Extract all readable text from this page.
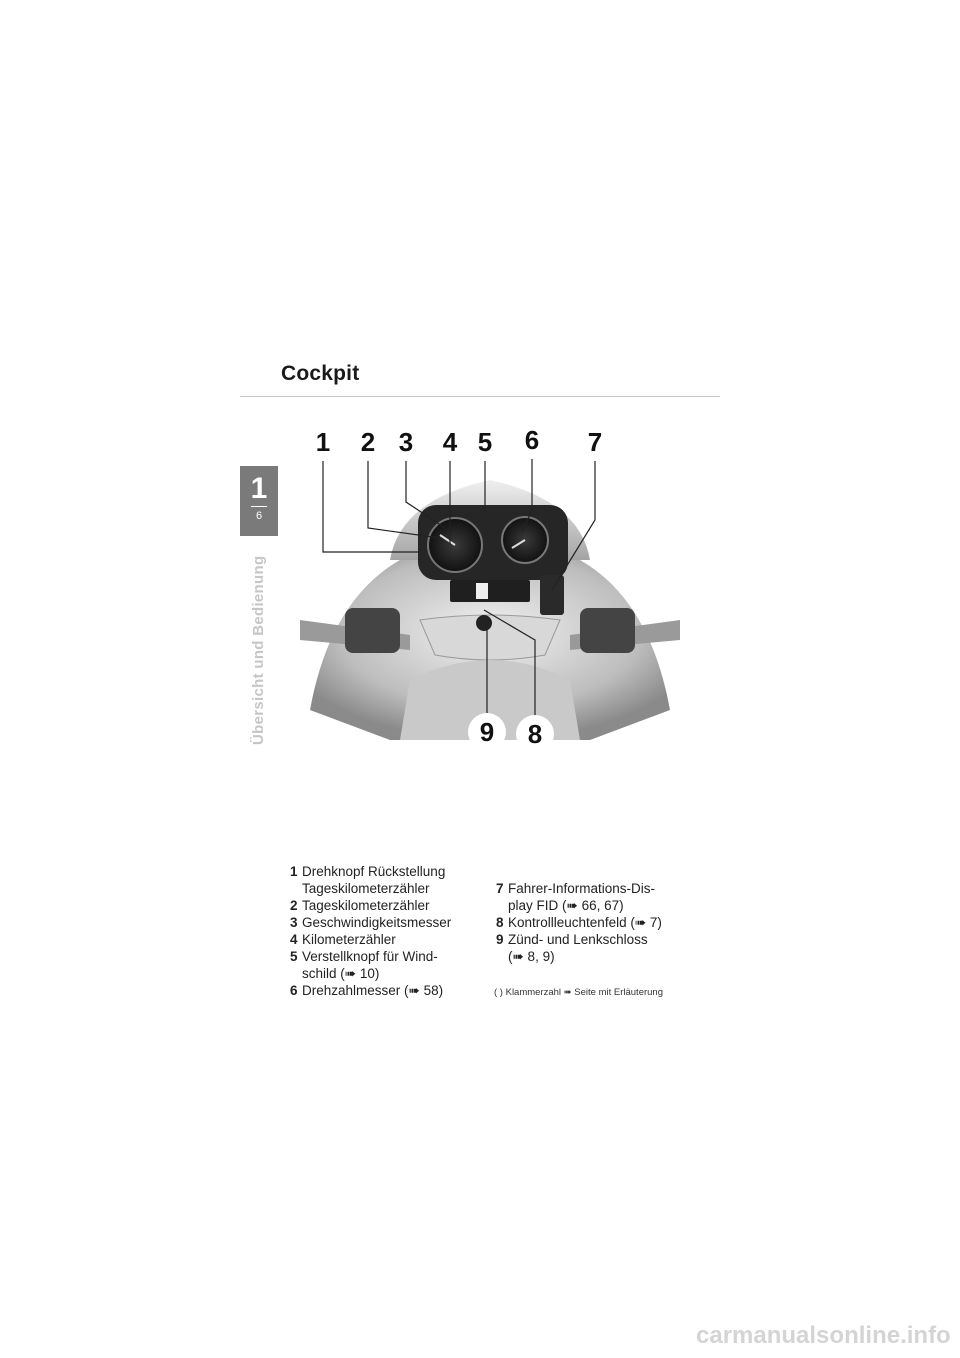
Cockpit
1
6
Übersicht und Bedienung
1	2 3	4 5	6	7
9	8
1 Drehknopf Rückstellung
Tageskilometerzähler
2 Tageskilometerzähler
3 Geschwindigkeitsmesser
4 Kilometerzähler
5 Verstellknopf für Wind-
schild (➠ 10)
6 Drehzahlmesser (➠ 58)
7 Fahrer-Informations-Dis-
play FID (➠ 66, 67)
8 Kontrollleuchtenfeld (➠ 7)
9 Zünd- und Lenkschloss
(➠ 8, 9)
( ) Klammerzahl ➠ Seite mit Erläuterung
carmanualsonline.info
